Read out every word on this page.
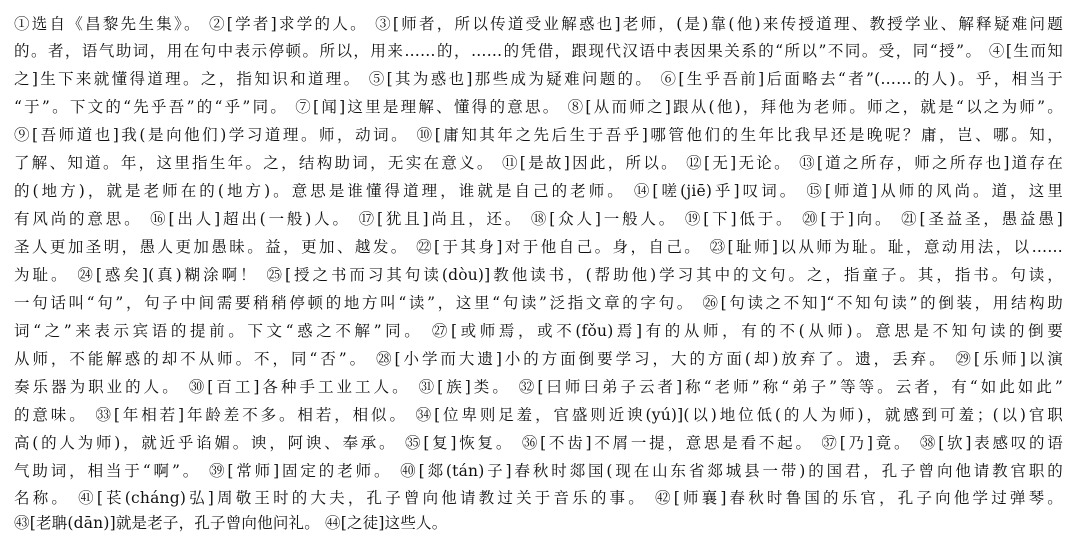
①选自《昌黎先生集》。 ②[学者]求学的人。 ③[师者，所以传道受业解惑也]老师，(是)靠(他)来传授道理、教授学业、解释疑难问题
的。者，语气助词，用在句中表示停顿。所以，用来……的，……的凭借，跟现代汉语中表因果关系的“所以”不同。受，同“授”。 ④[生而知
之]生下来就懂得道理。之，指知识和道理。 ⑤[其为惑也]那些成为疑难问题的。 ⑥[生乎吾前]后面略去“者”(……的人)。乎，相当于
“于”。下文的“先乎吾”的“乎”同。 ⑦[闻]这里是理解、懂得的意思。 ⑧[从而师之]跟从(他)，拜他为老师。师之，就是“以之为师”。
⑨[吾师道也]我(是向他们)学习道理。师，动词。 ⑩[庸知其年之先后生于吾乎]哪管他们的生年比我早还是晚呢？庸，岂、哪。知，
了解、知道。年，这里指生年。之，结构助词，无实在意义。 ⑪[是故]因此，所以。 ⑫[无]无论。 ⑬[道之所存，师之所存也]道存在
的(地方)，就是老师在的(地方)。意思是谁懂得道理，谁就是自己的老师。 ⑭[嗟(jiē)乎]叹词。 ⑮[师道]从师的风尚。道，这里
有风尚的意思。 ⑯[出人]超出(一般)人。 ⑰[犹且]尚且，还。 ⑱[众人]一般人。 ⑲[下]低于。 ⑳[于]向。 ㉑[圣益圣，愚益愚]
圣人更加圣明，愚人更加愚昧。益，更加、越发。 ㉒[于其身]对于他自己。身，自己。 ㉓[耻师]以从师为耻。耻，意动用法，以……
为耻。 ㉔[惑矣](真)糊涂啊！ ㉕[授之书而习其句读(dòu)]教他读书，(帮助他)学习其中的文句。之，指童子。其，指书。句读，
一句话叫“句”，句子中间需要稍稍停顿的地方叫“读”，这里“句读”泛指文章的字句。 ㉖[句读之不知]“不知句读”的倒装，用结构助
词“之”来表示宾语的提前。下文“惑之不解”同。 ㉗[或师焉，或不(fǒu)焉]有的从师，有的不(从师)。意思是不知句读的倒要
从师，不能解惑的却不从师。不，同“否”。 ㉘[小学而大遗]小的方面倒要学习，大的方面(却)放弃了。遗，丢弃。 ㉙[乐师]以演
奏乐器为职业的人。 ㉚[百工]各种手工业工人。 ㉛[族]类。 ㉜[曰师曰弟子云者]称“老师”称“弟子”等等。云者，有“如此如此”
的意味。 ㉝[年相若]年龄差不多。相若，相似。 ㉞[位卑则足羞，官盛则近谀(yú)](以)地位低(的人为师)，就感到可羞；(以)官职
高(的人为师)，就近乎谄媚。谀，阿谀、奉承。 ㉟[复]恢复。 ㊱[不齿]不屑一提，意思是看不起。 ㊲[乃]竟。 ㊳[欤]表感叹的语
气助词，相当于“啊”。 ㊴[常师]固定的老师。 ㊵[郯(tán)子]春秋时郯国(现在山东省郯城县一带)的国君，孔子曾向他请教官职的
名称。 ㊶[苌(cháng)弘]周敬王时的大夫，孔子曾向他请教过关于音乐的事。 ㊷[师襄]春秋时鲁国的乐官，孔子向他学过弹琴。
㊸[老聃(dān)]就是老子，孔子曾向他问礼。 ㊹[之徒]这些人。
